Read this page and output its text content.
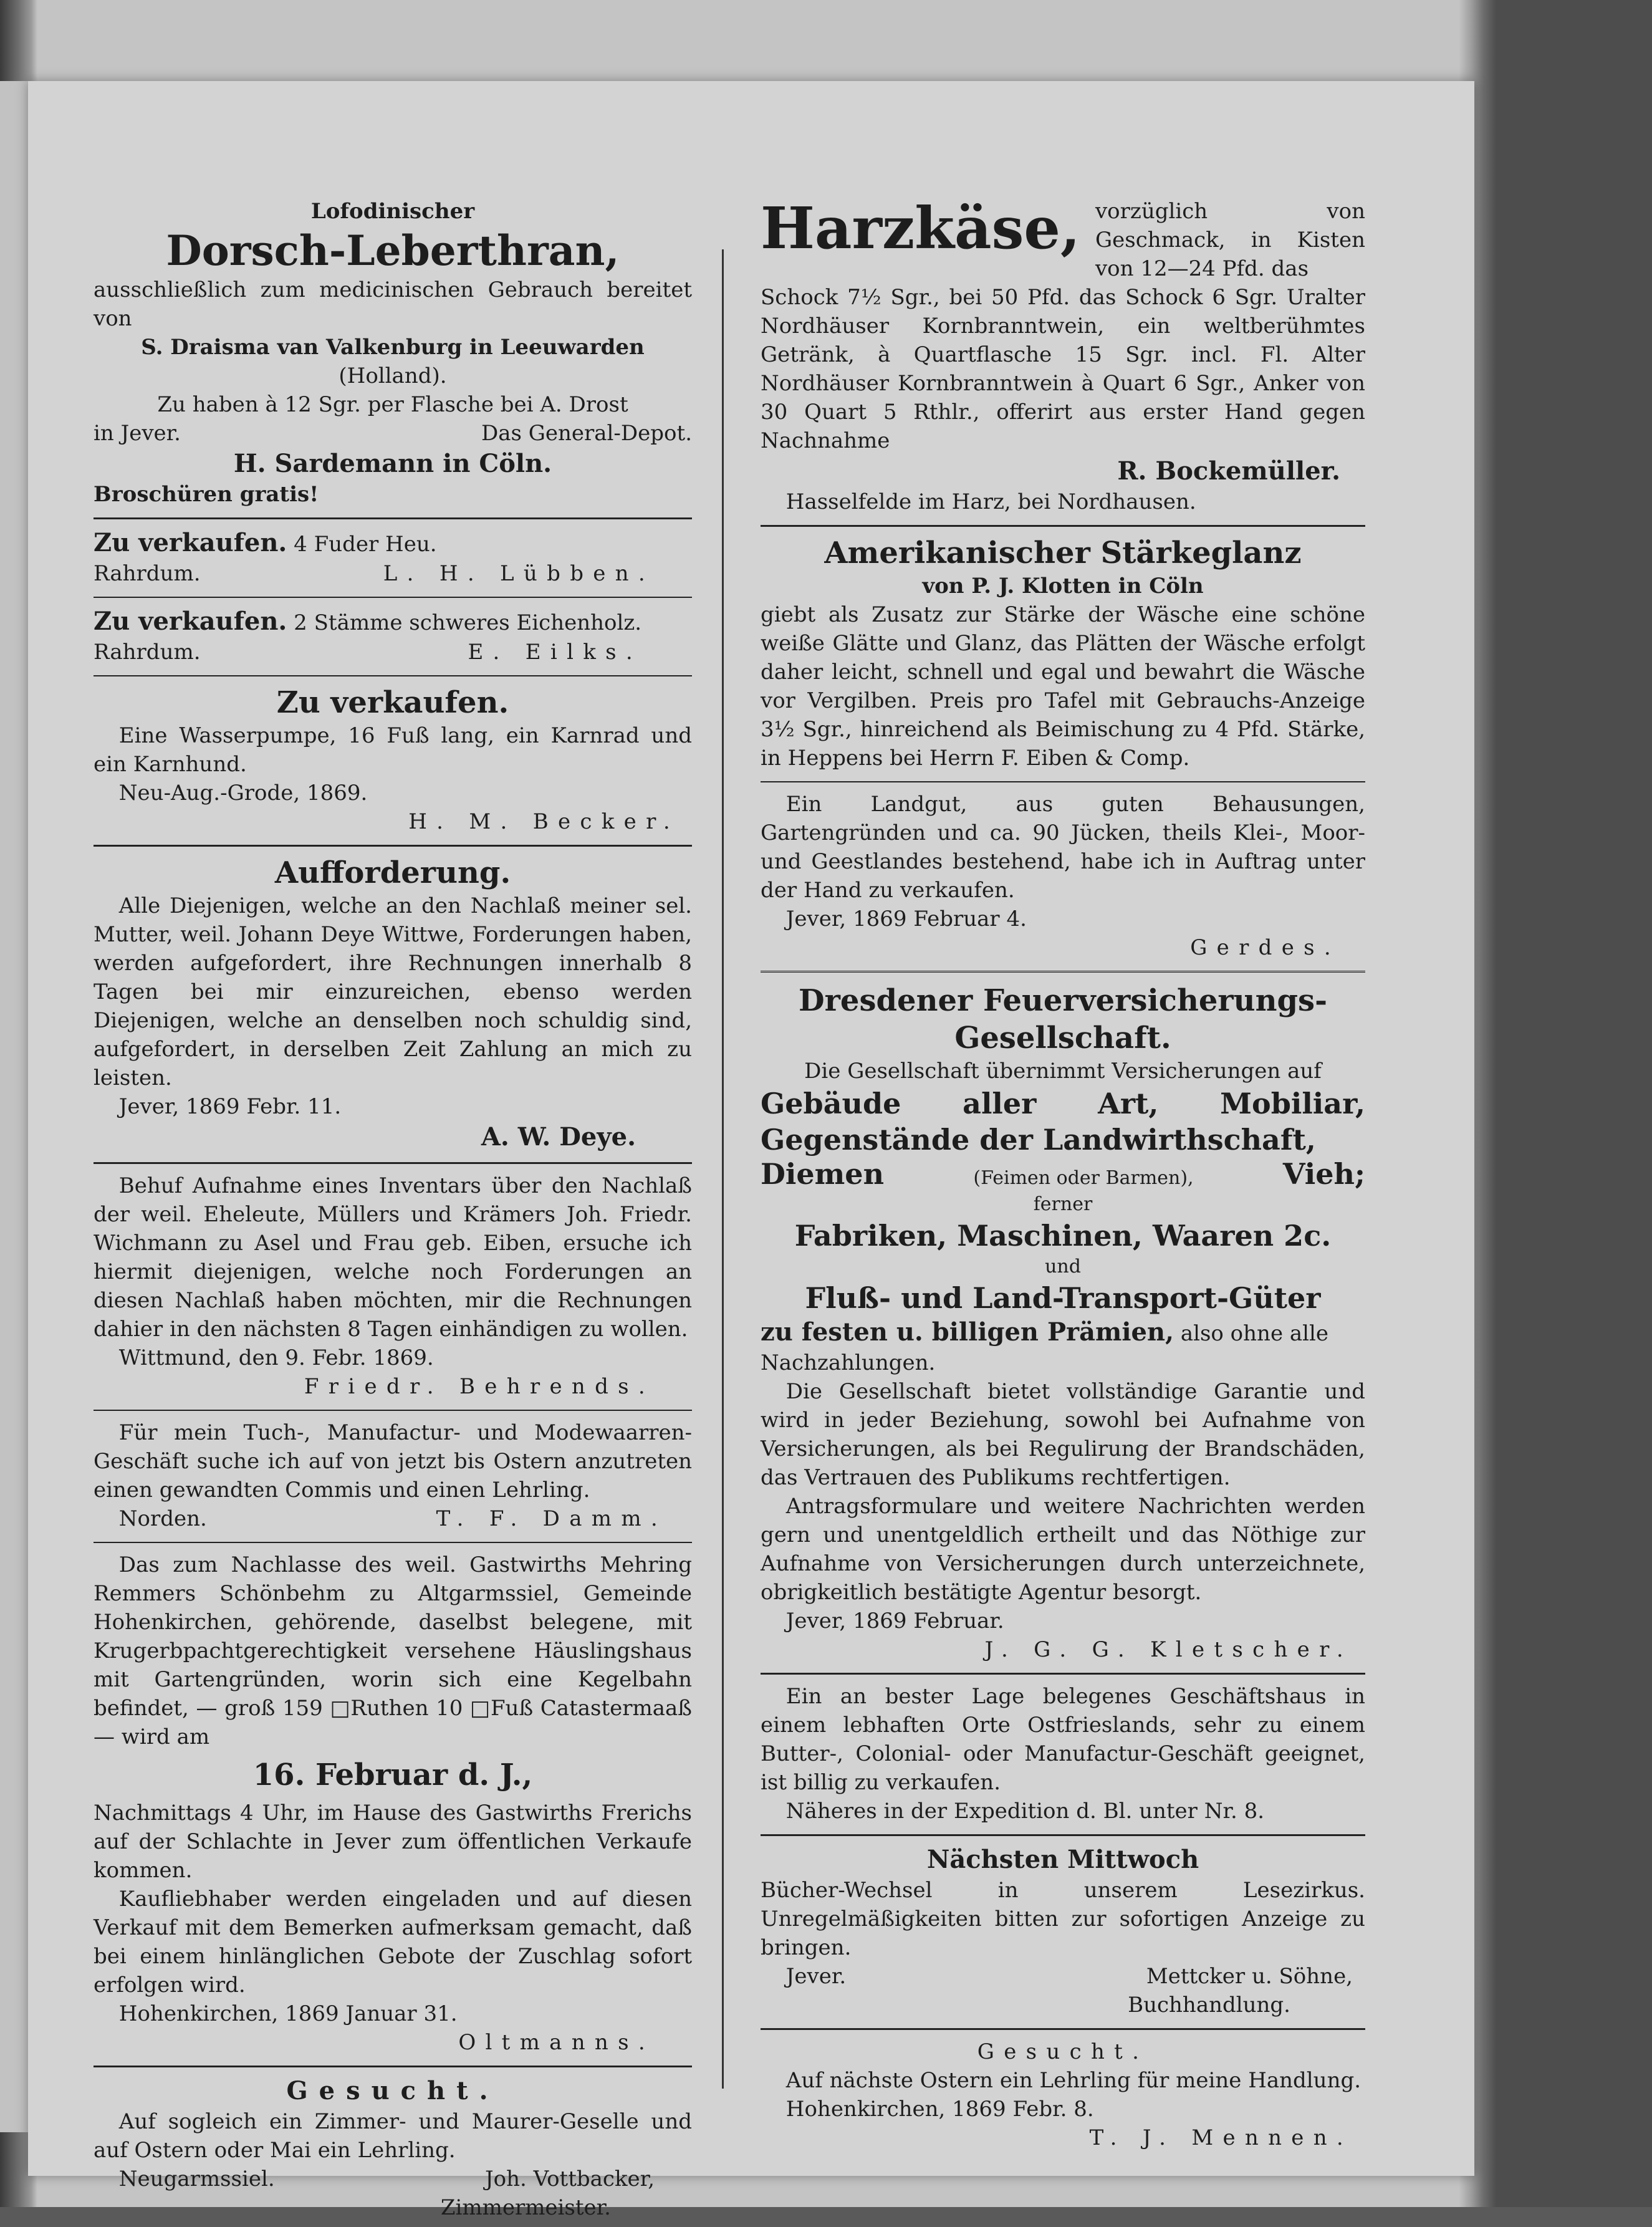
Lofodinischer
Dorsch-Leberthran,
ausschließlich zum medicinischen Gebrauch bereitet von
S. Draisma van Valkenburg in Leeuwarden
(Holland).
Zu haben à 12 Sgr. per Flasche bei A. Drost
in Jever.	Das General-Depot.
H. Sardemann in Cöln.
Broschüren gratis!
Zu verkaufen. 4 Fuder Heu.
Rahrdum.	L. H. Lübben.
Zu verkaufen. 2 Stämme schweres Eichenholz.
Rahrdum.	E. Eilks.
Zu verkaufen.
Eine Wasserpumpe, 16 Fuß lang, ein Karnrad und ein Karnhund.
Neu-Aug.-Grode, 1869.
H. M. Becker.
Aufforderung.
Alle Diejenigen, welche an den Nachlaß meiner sel. Mutter, weil. Johann Deye Wittwe, Forderungen haben, werden aufgefordert, ihre Rechnungen innerhalb 8 Tagen bei mir einzureichen, ebenso werden Diejenigen, welche an denselben noch schuldig sind, aufgefordert, in derselben Zeit Zahlung an mich zu leisten.
Jever, 1869 Febr. 11.
A. W. Deye.
Behuf Aufnahme eines Inventars über den Nachlaß der weil. Eheleute, Müllers und Krämers Joh. Friedr. Wichmann zu Asel und Frau geb. Eiben, ersuche ich hiermit diejenigen, welche noch Forderungen an diesen Nachlaß haben möchten, mir die Rechnungen dahier in den nächsten 8 Tagen einhändigen zu wollen.
Wittmund, den 9. Febr. 1869.
Friedr. Behrends.
Für mein Tuch-, Manufactur- und Modewaarren-Geschäft suche ich auf von jetzt bis Ostern anzutreten einen gewandten Commis und einen Lehrling.
Norden.	T. F. Damm.
Das zum Nachlasse des weil. Gastwirths Mehring Remmers Schönbehm zu Altgarmssiel, Gemeinde Hohenkirchen, gehörende, daselbst belegene, mit Krugerbpachtgerechtigkeit versehene Häuslingshaus mit Gartengründen, worin sich eine Kegelbahn befindet, — groß 159 □Ruthen 10 □Fuß Catastermaaß — wird am
16. Februar d. J.,
Nachmittags 4 Uhr, im Hause des Gastwirths Frerichs auf der Schlachte in Jever zum öffentlichen Verkaufe kommen.
Kaufliebhaber werden eingeladen und auf diesen Verkauf mit dem Bemerken aufmerksam gemacht, daß bei einem hinlänglichen Gebote der Zuschlag sofort erfolgen wird.
Hohenkirchen, 1869 Januar 31.
Oltmanns.
Gesucht.
Auf sogleich ein Zimmer- und Maurer-Geselle und auf Ostern oder Mai ein Lehrling.
Neugarmssiel.	Joh. Vottbacker,
Zimmermeister.
Harzkäse, vorzüglich von Geschmack, in Kisten von 12—24 Pfd. das
Schock 7½ Sgr., bei 50 Pfd. das Schock 6 Sgr. Uralter Nordhäuser Kornbranntwein, ein weltberühmtes Getränk, à Quartflasche 15 Sgr. incl. Fl. Alter Nordhäuser Kornbranntwein à Quart 6 Sgr., Anker von 30 Quart 5 Rthlr., offerirt aus erster Hand gegen Nachnahme
R. Bockemüller.
Hasselfelde im Harz, bei Nordhausen.
Amerikanischer Stärkeglanz
von P. J. Klotten in Cöln
giebt als Zusatz zur Stärke der Wäsche eine schöne weiße Glätte und Glanz, das Plätten der Wäsche erfolgt daher leicht, schnell und egal und bewahrt die Wäsche vor Vergilben. Preis pro Tafel mit Gebrauchs-Anzeige 3½ Sgr., hinreichend als Beimischung zu 4 Pfd. Stärke, in Heppens bei Herrn F. Eiben & Comp.
Ein Landgut, aus guten Behausungen, Gartengründen und ca. 90 Jücken, theils Klei-, Moor- und Geestlandes bestehend, habe ich in Auftrag unter der Hand zu verkaufen.
Jever, 1869 Februar 4.
Gerdes.
Dresdener Feuerversicherungs-
Gesellschaft.
Die Gesellschaft übernimmt Versicherungen auf
Gebäude aller Art, Mobiliar, Gegenstände der Landwirthschaft,
Diemen	(Feimen oder Barmen),	Vieh;
ferner
Fabriken, Maschinen, Waaren 2c.
und
Fluß- und Land-Transport-Güter
zu festen u. billigen Prämien, also ohne alle Nachzahlungen.
Die Gesellschaft bietet vollständige Garantie und wird in jeder Beziehung, sowohl bei Aufnahme von Versicherungen, als bei Regulirung der Brandschäden, das Vertrauen des Publikums rechtfertigen.
Antragsformulare und weitere Nachrichten werden gern und unentgeldlich ertheilt und das Nöthige zur Aufnahme von Versicherungen durch unterzeichnete, obrigkeitlich bestätigte Agentur besorgt.
Jever, 1869 Februar.
J. G. G. Kletscher.
Ein an bester Lage belegenes Geschäftshaus in einem lebhaften Orte Ostfrieslands, sehr zu einem Butter-, Colonial- oder Manufactur-Geschäft geeignet, ist billig zu verkaufen.
Näheres in der Expedition d. Bl. unter Nr. 8.
Nächsten Mittwoch
Bücher-Wechsel in unserem Lesezirkus. Unregelmäßigkeiten bitten zur sofortigen Anzeige zu bringen.
Jever.	Mettcker u. Söhne,
Buchhandlung.
Gesucht.
Auf nächste Ostern ein Lehrling für meine Handlung.
Hohenkirchen, 1869 Febr. 8.
T. J. Mennen.
